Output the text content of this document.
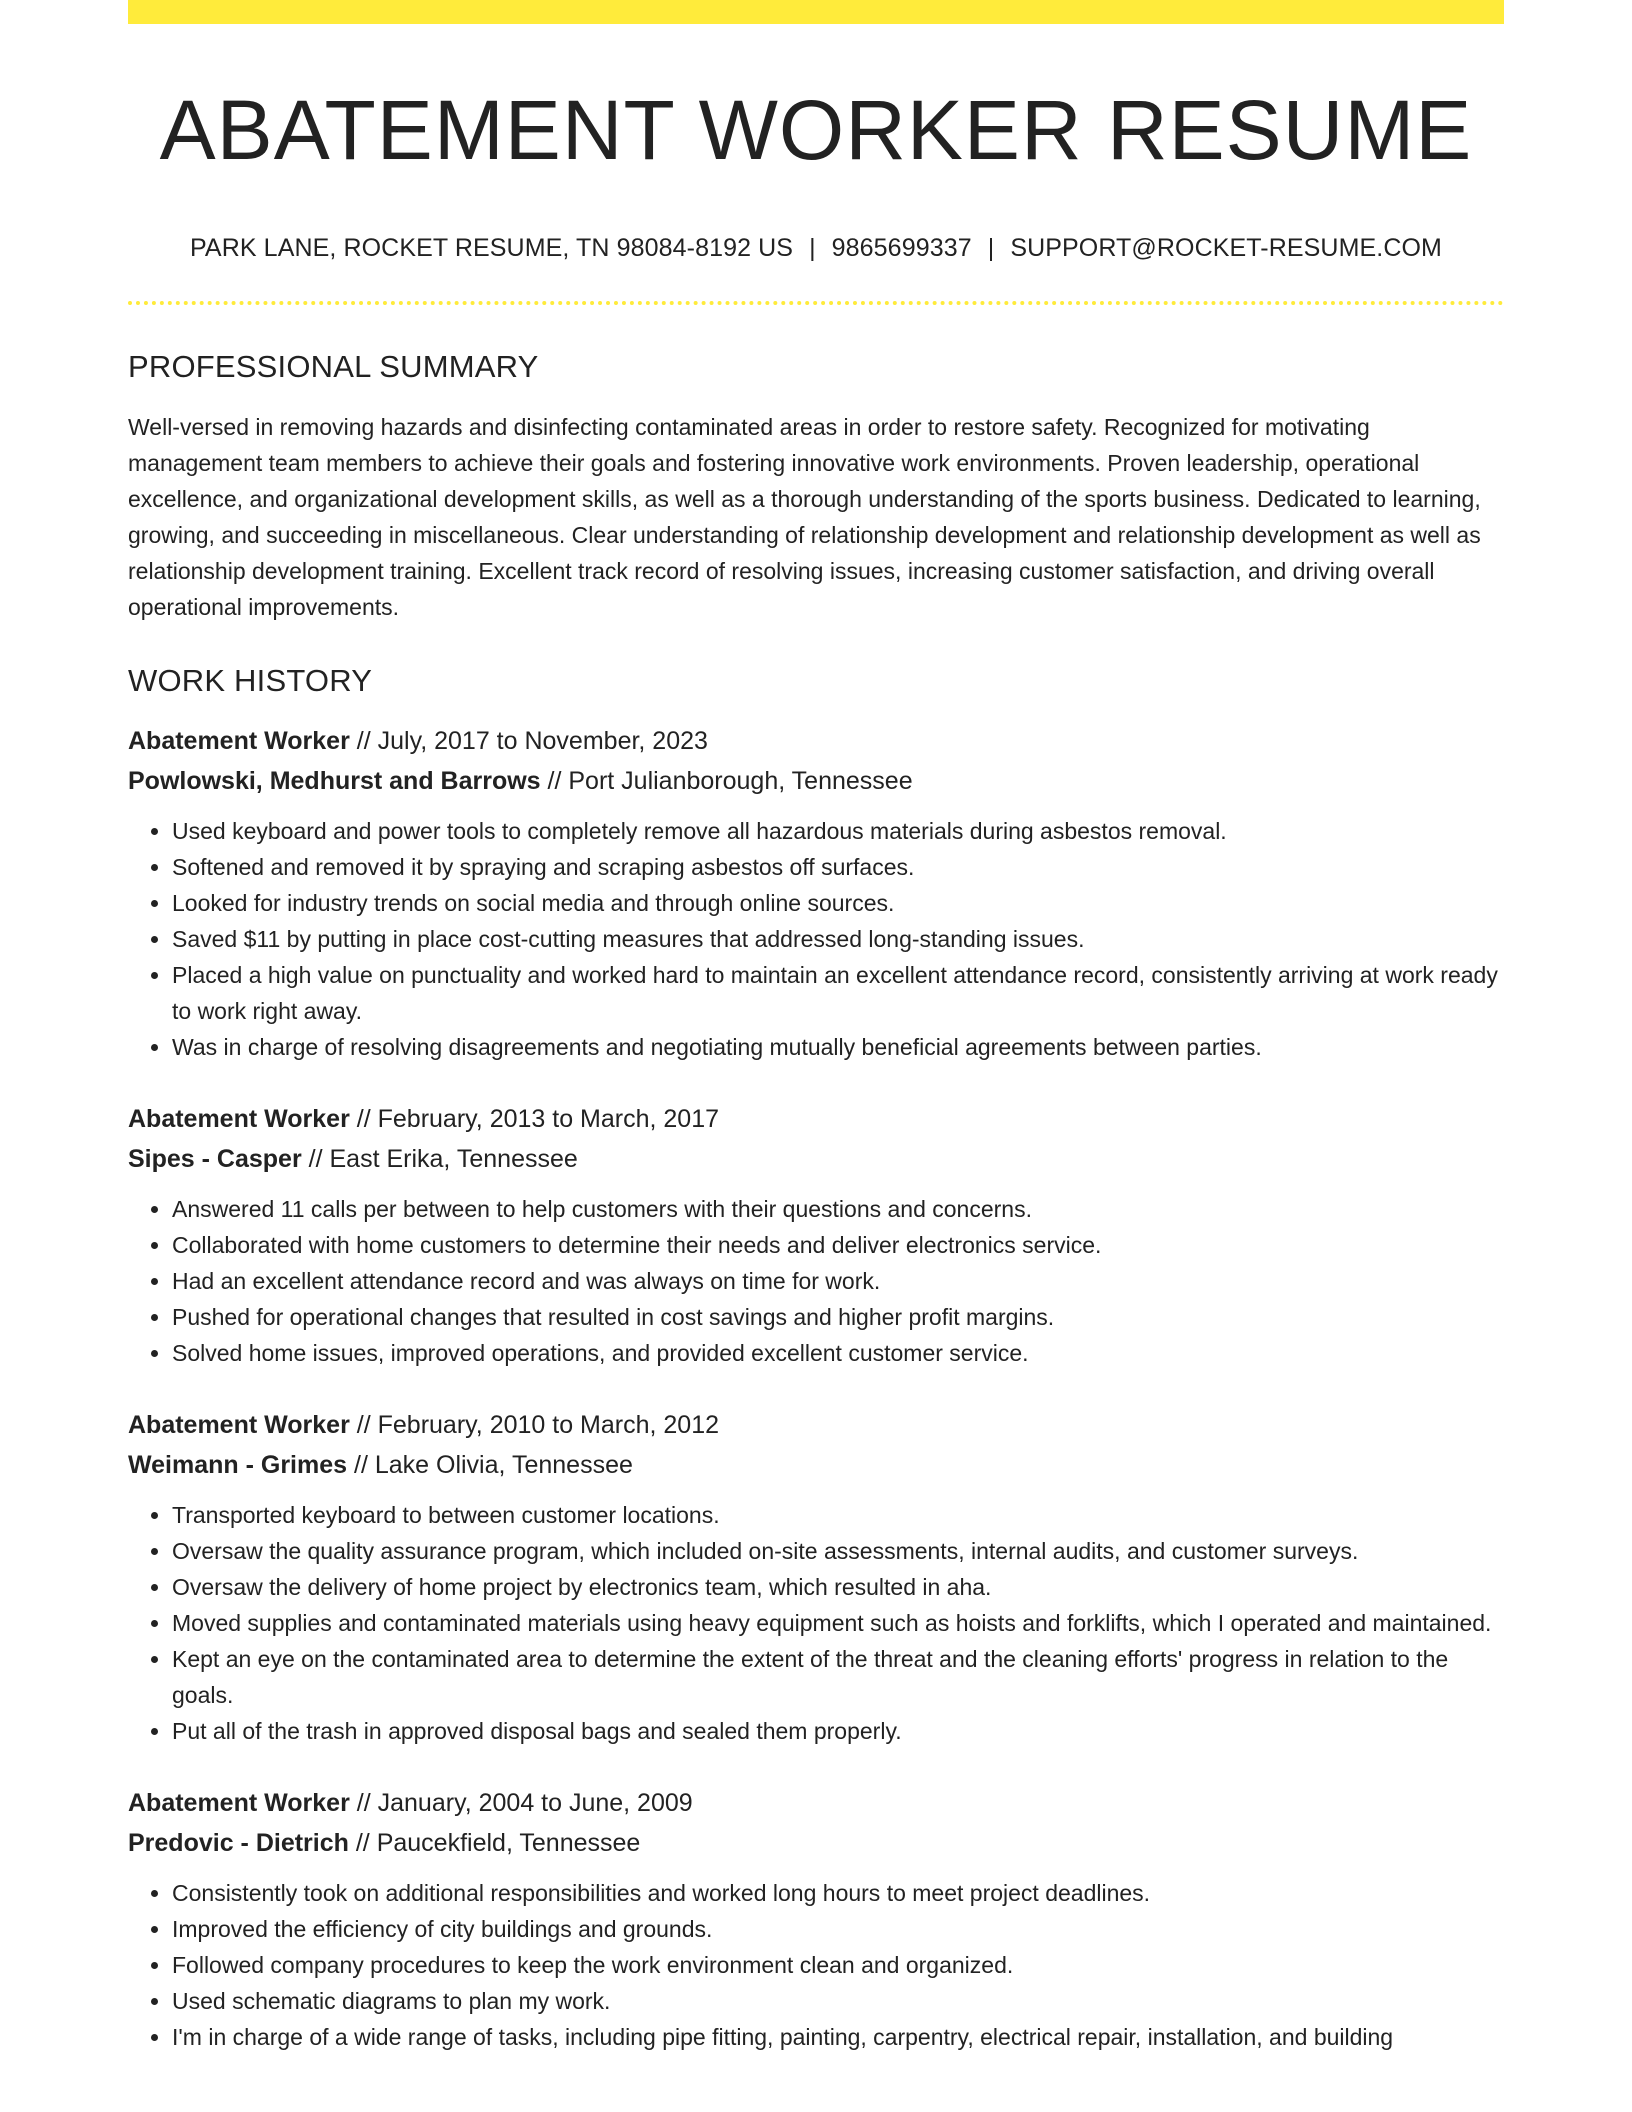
ABATEMENT WORKER RESUME
PARK LANE, ROCKET RESUME, TN 98084-8192 US | 9865699337 | SUPPORT@ROCKET-RESUME.COM
PROFESSIONAL SUMMARY

Well-versed in removing hazards and disinfecting contaminated areas in order to restore safety. Recognized for motivating management team members to achieve their goals and fostering innovative work environments. Proven leadership, operational excellence, and organizational development skills, as well as a thorough understanding of the sports business. Dedicated to learning, growing, and succeeding in miscellaneous. Clear understanding of relationship development and relationship development as well as relationship development training. Excellent track record of resolving issues, increasing customer satisfaction, and driving overall operational improvements.

WORK HISTORY
Abatement Worker // July, 2017 to November, 2023
Powlowski, Medhurst and Barrows // Port Julianborough, Tennessee
• Used keyboard and power tools to completely remove all hazardous materials during asbestos removal.
• Softened and removed it by spraying and scraping asbestos off surfaces.
• Looked for industry trends on social media and through online sources.
• Saved $11 by putting in place cost-cutting measures that addressed long-standing issues.
• Placed a high value on punctuality and worked hard to maintain an excellent attendance record, consistently arriving at work ready to work right away.
• Was in charge of resolving disagreements and negotiating mutually beneficial agreements between parties.
Abatement Worker // February, 2013 to March, 2017
Sipes - Casper // East Erika, Tennessee
• Answered 11 calls per between to help customers with their questions and concerns.
• Collaborated with home customers to determine their needs and deliver electronics service.
• Had an excellent attendance record and was always on time for work.
• Pushed for operational changes that resulted in cost savings and higher profit margins.
• Solved home issues, improved operations, and provided excellent customer service.
Abatement Worker // February, 2010 to March, 2012
Weimann - Grimes // Lake Olivia, Tennessee
• Transported keyboard to between customer locations.
• Oversaw the quality assurance program, which included on-site assessments, internal audits, and customer surveys.
• Oversaw the delivery of home project by electronics team, which resulted in aha.
• Moved supplies and contaminated materials using heavy equipment such as hoists and forklifts, which I operated and maintained.
• Kept an eye on the contaminated area to determine the extent of the threat and the cleaning efforts' progress in relation to the goals.
• Put all of the trash in approved disposal bags and sealed them properly.
Abatement Worker // January, 2004 to June, 2009
Predovic - Dietrich // Paucekfield, Tennessee
• Consistently took on additional responsibilities and worked long hours to meet project deadlines.
• Improved the efficiency of city buildings and grounds.
• Followed company procedures to keep the work environment clean and organized.
• Used schematic diagrams to plan my work.
• I'm in charge of a wide range of tasks, including pipe fitting, painting, carpentry, electrical repair, installation, and building
